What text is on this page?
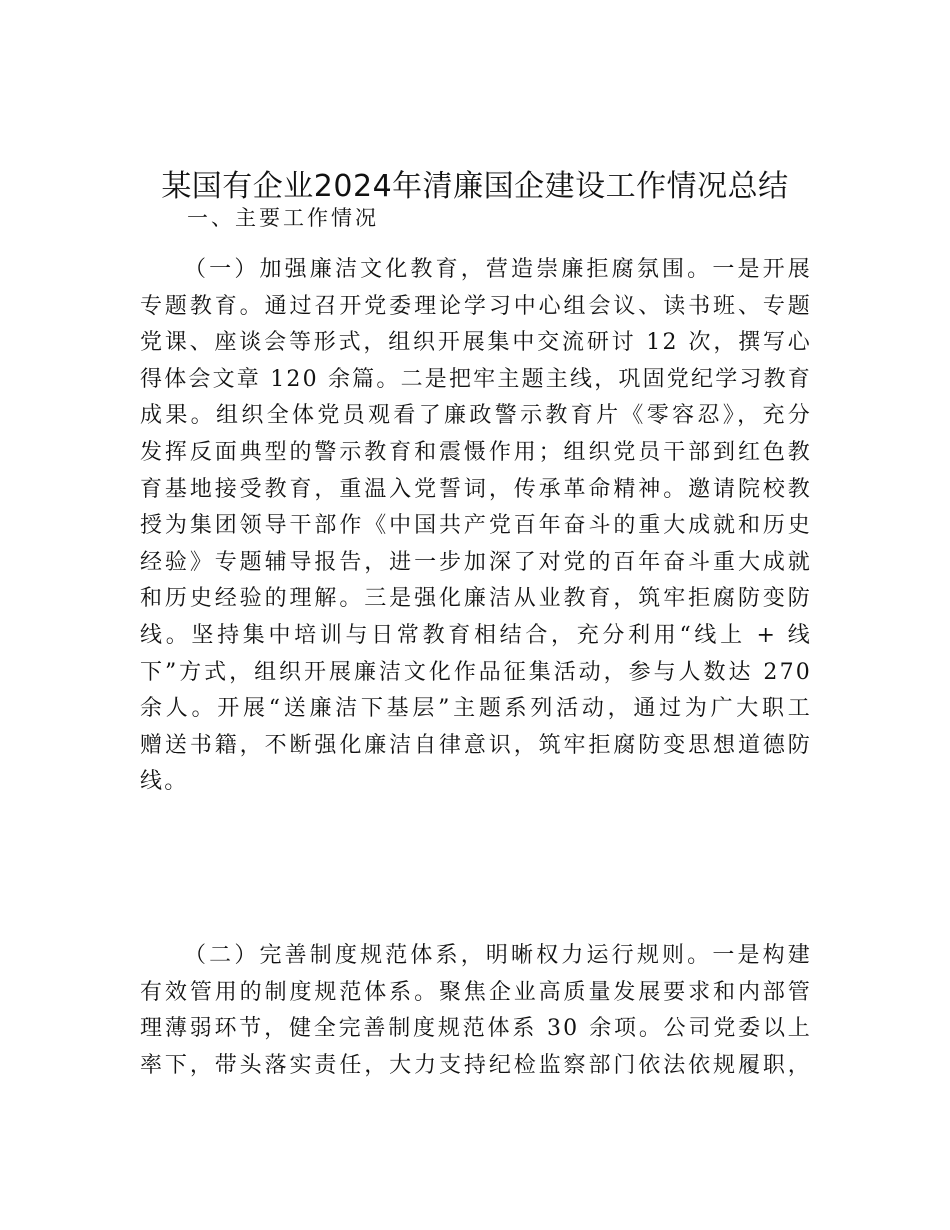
某国有企业2024年清廉国企建设工作情况总结
一、主要工作情况
（一）加强廉洁文化教育，营造崇廉拒腐氛围。一是开展
专题教育。通过召开党委理论学习中心组会议、读书班、专题
党课、座谈会等形式，组织开展集中交流研讨 12 次，撰写心
得体会文章 120 余篇。二是把牢主题主线，巩固党纪学习教育
成果。组织全体党员观看了廉政警示教育片《零容忍》，充分
发挥反面典型的警示教育和震慑作用；组织党员干部到红色教
育基地接受教育，重温入党誓词，传承革命精神。邀请院校教
授为集团领导干部作《中国共产党百年奋斗的重大成就和历史
经验》专题辅导报告，进一步加深了对党的百年奋斗重大成就
和历史经验的理解。三是强化廉洁从业教育，筑牢拒腐防变防
线。坚持集中培训与日常教育相结合，充分利用“线上 + 线
下”方式，组织开展廉洁文化作品征集活动，参与人数达 270
余人。开展“送廉洁下基层”主题系列活动，通过为广大职工
赠送书籍，不断强化廉洁自律意识，筑牢拒腐防变思想道德防
线。
（二）完善制度规范体系，明晰权力运行规则。一是构建
有效管用的制度规范体系。聚焦企业高质量发展要求和内部管
理薄弱环节，健全完善制度规范体系 30 余项。公司党委以上
率下，带头落实责任，大力支持纪检监察部门依法依规履职，
